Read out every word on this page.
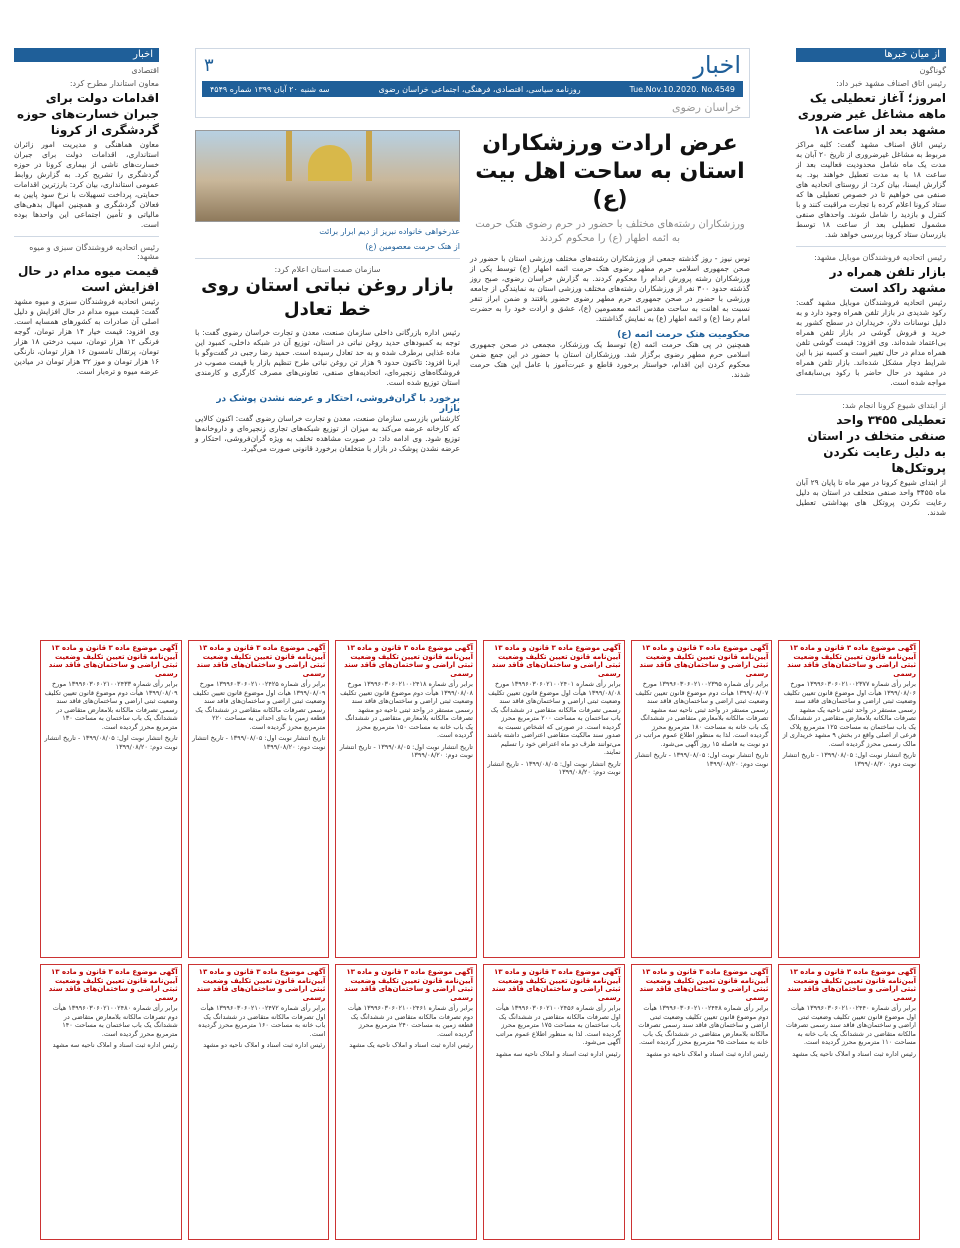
از میان خبرها
گوناگون
رئیس اتاق اصناف مشهد خبر داد:
امروز؛ آغاز تعطیلی یک ماهه مشاغل غیر ضروری مشهد بعد از ساعت ۱۸
رئیس اتاق اصناف مشهد گفت: کلیه مراکز مربوط به مشاغل غیرضروری از تاریخ ۲۰ آبان به مدت یک ماه شامل محدودیت فعالیت بعد از ساعت ۱۸ با به مدت تعطیل خواهند بود. به گزارش ایسنا، بیان کرد: از روستای اتحادیه های صنفی می خواهیم تا در خصوص تعطیلی ها که ستاد کرونا اعلام کرده با تجارت مراقبت کنند و با کنترل و بازدید را شامل شوند. واحدهای صنفی مشمول تعطیلی بعد از ساعت ۱۸ توسط بازرسان ستاد کرونا بررسی خواهد شد.
رئیس اتحادیه فروشندگان موبایل مشهد:
بازار تلفن همراه در مشهد راکد است
رئیس اتحادیه فروشندگان موبایل مشهد گفت: رکود شدیدی در بازار تلفن همراه وجود دارد و به دلیل نوسانات دلار، خریداران در سطح کشور به خرید و فروش گوشی در بازار تلفن همراه بی‌اعتماد شده‌اند. وی افزود: قیمت گوشی تلفن همراه مدام در حال تغییر است و کسبه نیز با این شرایط دچار مشکل شده‌اند. بازار تلفن همراه در مشهد در حال حاضر با رکود بی‌سابقه‌ای مواجه شده است.
از ابتدای شیوع کرونا انجام شد:
تعطیلی ۳۴۵۵ واحد صنفی متخلف در استان به دلیل رعایت نکردن پروتکل‌ها
از ابتدای شیوع کرونا در مهر ماه تا پایان ۲۹ آبان ماه ۳۴۵۵ واحد صنفی متخلف در استان به دلیل رعایت نکردن پروتکل های بهداشتی تعطیل شدند.
اخبار
اقتصادی
معاون استاندار مطرح کرد:
اقدامات دولت برای جبران خسارت‌های حوزه گردشگری از کرونا
معاون هماهنگی و مدیریت امور زائران استانداری، اقدامات دولت برای جبران خسارت‌های ناشی از بیماری کرونا در حوزه گردشگری را تشریح کرد. به گزارش روابط عمومی استانداری، بیان کرد: بارزترین اقدامات حمایتی، پرداخت تسهیلات با نرخ سود پایین به فعالان گردشگری و همچنین امهال بدهی‌های مالیاتی و تأمین اجتماعی این واحدها بوده است.
رئیس اتحادیه فروشندگان سبزی و میوه مشهد:
قیمت میوه مدام در حال افزایش است
رئیس اتحادیه فروشندگان سبزی و میوه مشهد گفت: قیمت میوه مدام در حال افزایش و دلیل اصلی آن صادرات به کشورهای همسایه است. وی افزود: قیمت خیار ۱۴ هزار تومان، گوجه فرنگی ۱۲ هزار تومان، سیب درختی ۱۸ هزار تومان، پرتقال تامسون ۱۶ هزار تومان، نارنگی ۱۶ هزار تومان و موز ۳۲ هزار تومان در میادین عرضه میوه و تره‌بار است.
اخبار
۳
Tue.Nov.10.2020. No.4549
روزنامه سیاسی، اقتصادی، فرهنگی، اجتماعی خراسان رضوی
سه شنبه ۲۰ آبان ۱۳۹۹ شماره ۴۵۴۹
خراسان رضوی
عرض ارادت ورزشکاران استان به ساحت اهل بیت (ع)
ورزشکاران رشته‌های مختلف با حضور در حرم رضوی هتک حرمت به ائمه اطهار (ع) را محکوم کردند
توس نیوز - روز گذشته جمعی از ورزشکاران رشته‌های مختلف ورزشی استان با حضور در صحن جمهوری اسلامی حرم مطهر رضوی هتک حرمت ائمه اطهار (ع) توسط یکی از ورزشکاران رشته پرورش اندام را محکوم کردند. به گزارش خراسان رضوی، صبح روز گذشته حدود ۳۰۰ نفر از ورزشکاران رشته‌های مختلف ورزشی استان به نمایندگی از جامعه ورزشی با حضور در صحن جمهوری حرم مطهر رضوی حضور یافتند و ضمن ابراز تنفر نسبت به اهانت به ساحت مقدس ائمه معصومین (ع)، عشق و ارادت خود را به حضرت امام رضا (ع) و ائمه اطهار (ع) به نمایش گذاشتند.
محکومیت هتک حرمت ائمه (ع)
همچنین در پی هتک حرمت ائمه (ع) توسط یک ورزشکار، مجمعی در صحن جمهوری اسلامی حرم مطهر رضوی برگزار شد. ورزشکاران استان با حضور در این جمع ضمن محکوم کردن این اقدام، خواستار برخورد قاطع و عبرت‌آموز با عامل این هتک حرمت شدند.
عذرخواهی خانواده نبریز از دیم ابرار برائت
از هتک حرمت معصومین (ع)
سازمان صمت استان اعلام کرد:
بازار روغن نباتی استان روی خط تعادل
رئیس اداره بازرگانی داخلی سازمان صنعت، معدن و تجارت خراسان رضوی گفت: با توجه به کمبودهای حدید روغن نباتی در استان، توزیع آن در شبکه داخلی، کمبود این ماده غذایی برطرف شده و به حد تعادل رسیده است. حمید رضا رجبی در گفت‌وگو با ایرنا افزود: تاکنون حدود ۹ هزار تن روغن نباتی طرح تنظیم بازار با قیمت مصوب در فروشگاه‌های زنجیره‌ای، اتحادیه‌های صنفی، تعاونی‌های مصرف کارگری و کارمندی استان توزیع شده است.
برخورد با گران‌فروشی، احتکار و عرضه نشدن پوشک در بازار
کارشناس بازرسی سازمان صنعت، معدن و تجارت خراسان رضوی گفت: اکنون کالایی که کارخانه عرضه می‌کند به میزان از توزیع شبکه‌های تجاری زنجیره‌ای و داروخانه‌ها توزیع شود. وی ادامه داد: در صورت مشاهده تخلف به ویژه گران‌فروشی، احتکار و عرضه نشدن پوشک در بازار با متخلفان برخورد قانونی صورت می‌گیرد.
آگهی موضوع ماده ۳ قانون و ماده ۱۳ آیین‌نامه قانون تعیین تکلیف وضعیت ثبتی اراضی و ساختمان‌های فاقد سند رسمی
برابر رأی شماره ۱۳۹۹۶۰۳۰۶۰۲۱۰۰۲۳۷۷ مورخ ۱۳۹۹/۰۸/۰۶ هیأت اول موضوع قانون تعیین تکلیف وضعیت ثبتی اراضی و ساختمان‌های فاقد سند رسمی مستقر در واحد ثبتی ناحیه یک مشهد تصرفات مالکانه بلامعارض متقاضی در ششدانگ یک باب ساختمان به مساحت ۱۲۵ مترمربع پلاک فرعی از اصلی واقع در بخش ۹ مشهد خریداری از مالک رسمی محرز گردیده است.
تاریخ انتشار نوبت اول: ۱۳۹۹/۰۸/۰۵ - تاریخ انتشار نوبت دوم: ۱۳۹۹/۰۸/۲۰
آگهی موضوع ماده ۳ قانون و ماده ۱۳ آیین‌نامه قانون تعیین تکلیف وضعیت ثبتی اراضی و ساختمان‌های فاقد سند رسمی
برابر رأی شماره ۱۳۹۹۶۰۳۰۶۰۲۱۰۰۲۳۹۵ مورخ ۱۳۹۹/۰۸/۰۷ هیأت دوم موضوع قانون تعیین تکلیف وضعیت ثبتی اراضی و ساختمان‌های فاقد سند رسمی مستقر در واحد ثبتی ناحیه سه مشهد تصرفات مالکانه بلامعارض متقاضی در ششدانگ یک باب خانه به مساحت ۱۸۰ مترمربع محرز گردیده است. لذا به منظور اطلاع عموم مراتب در دو نوبت به فاصله ۱۵ روز آگهی می‌شود.
تاریخ انتشار نوبت اول: ۱۳۹۹/۰۸/۰۵ - تاریخ انتشار نوبت دوم: ۱۳۹۹/۰۸/۲۰
آگهی موضوع ماده ۳ قانون و ماده ۱۳ آیین‌نامه قانون تعیین تکلیف وضعیت ثبتی اراضی و ساختمان‌های فاقد سند رسمی
برابر رأی شماره ۱۳۹۹۶۰۳۰۶۰۲۱۰۰۲۴۰۱ مورخ ۱۳۹۹/۰۸/۰۸ هیأت اول موضوع قانون تعیین تکلیف وضعیت ثبتی اراضی و ساختمان‌های فاقد سند رسمی تصرفات مالکانه متقاضی در ششدانگ یک باب ساختمان به مساحت ۲۰۰ مترمربع محرز گردیده است. در صورتی که اشخاص نسبت به صدور سند مالکیت متقاضی اعتراضی داشته باشند می‌توانند ظرف دو ماه اعتراض خود را تسلیم نمایند.
تاریخ انتشار نوبت اول: ۱۳۹۹/۰۸/۰۵ - تاریخ انتشار نوبت دوم: ۱۳۹۹/۰۸/۲۰
آگهی موضوع ماده ۳ قانون و ماده ۱۳ آیین‌نامه قانون تعیین تکلیف وضعیت ثبتی اراضی و ساختمان‌های فاقد سند رسمی
برابر رأی شماره ۱۳۹۹۶۰۳۰۶۰۲۱۰۰۲۴۱۸ مورخ ۱۳۹۹/۰۸/۰۸ هیأت دوم موضوع قانون تعیین تکلیف وضعیت ثبتی اراضی و ساختمان‌های فاقد سند رسمی مستقر در واحد ثبتی ناحیه دو مشهد تصرفات مالکانه بلامعارض متقاضی در ششدانگ یک باب خانه به مساحت ۱۵۰ مترمربع محرز گردیده است.
تاریخ انتشار نوبت اول: ۱۳۹۹/۰۸/۰۵ - تاریخ انتشار نوبت دوم: ۱۳۹۹/۰۸/۲۰
آگهی موضوع ماده ۳ قانون و ماده ۱۳ آیین‌نامه قانون تعیین تکلیف وضعیت ثبتی اراضی و ساختمان‌های فاقد سند رسمی
برابر رأی شماره ۱۳۹۹۶۰۳۰۶۰۲۱۰۰۲۴۲۵ مورخ ۱۳۹۹/۰۸/۰۹ هیأت اول موضوع قانون تعیین تکلیف وضعیت ثبتی اراضی و ساختمان‌های فاقد سند رسمی تصرفات مالکانه متقاضی در ششدانگ یک قطعه زمین با بنای احداثی به مساحت ۲۲۰ مترمربع محرز گردیده است.
تاریخ انتشار نوبت اول: ۱۳۹۹/۰۸/۰۵ - تاریخ انتشار نوبت دوم: ۱۳۹۹/۰۸/۲۰
آگهی موضوع ماده ۳ قانون و ماده ۱۳ آیین‌نامه قانون تعیین تکلیف وضعیت ثبتی اراضی و ساختمان‌های فاقد سند رسمی
برابر رأی شماره ۱۳۹۹۶۰۳۰۶۰۲۱۰۰۲۴۳۳ مورخ ۱۳۹۹/۰۸/۰۹ هیأت دوم موضوع قانون تعیین تکلیف وضعیت ثبتی اراضی و ساختمان‌های فاقد سند رسمی تصرفات مالکانه بلامعارض متقاضی در ششدانگ یک باب ساختمان به مساحت ۱۳۰ مترمربع محرز گردیده است.
تاریخ انتشار نوبت اول: ۱۳۹۹/۰۸/۰۵ - تاریخ انتشار نوبت دوم: ۱۳۹۹/۰۸/۲۰
آگهی موضوع ماده ۳ قانون و ماده ۱۳ آیین‌نامه قانون تعیین تکلیف وضعیت ثبتی اراضی و ساختمان‌های فاقد سند رسمی
برابر رأی شماره ۱۳۹۹۶۰۳۰۶۰۲۱۰۰۲۴۴۰ هیأت اول موضوع قانون تعیین تکلیف وضعیت ثبتی اراضی و ساختمان‌های فاقد سند رسمی تصرفات مالکانه متقاضی در ششدانگ یک باب خانه به مساحت ۱۱۰ مترمربع محرز گردیده است.
رئیس اداره ثبت اسناد و املاک ناحیه یک مشهد
آگهی موضوع ماده ۳ قانون و ماده ۱۳ آیین‌نامه قانون تعیین تکلیف وضعیت ثبتی اراضی و ساختمان‌های فاقد سند رسمی
برابر رأی شماره ۱۳۹۹۶۰۳۰۶۰۲۱۰۰۲۴۴۸ هیأت دوم موضوع قانون تعیین تکلیف وضعیت ثبتی اراضی و ساختمان‌های فاقد سند رسمی تصرفات مالکانه بلامعارض متقاضی در ششدانگ یک باب خانه به مساحت ۹۵ مترمربع محرز گردیده است.
رئیس اداره ثبت اسناد و املاک ناحیه دو مشهد
آگهی موضوع ماده ۳ قانون و ماده ۱۳ آیین‌نامه قانون تعیین تکلیف وضعیت ثبتی اراضی و ساختمان‌های فاقد سند رسمی
برابر رأی شماره ۱۳۹۹۶۰۳۰۶۰۲۱۰۰۲۴۵۶ هیأت اول تصرفات مالکانه متقاضی در ششدانگ یک باب ساختمان به مساحت ۱۷۵ مترمربع محرز گردیده است. لذا به منظور اطلاع عموم مراتب آگهی می‌شود.
رئیس اداره ثبت اسناد و املاک ناحیه سه مشهد
آگهی موضوع ماده ۳ قانون و ماده ۱۳ آیین‌نامه قانون تعیین تکلیف وضعیت ثبتی اراضی و ساختمان‌های فاقد سند رسمی
برابر رأی شماره ۱۳۹۹۶۰۳۰۶۰۲۱۰۰۲۴۶۱ هیأت دوم تصرفات مالکانه متقاضی در ششدانگ یک قطعه زمین به مساحت ۲۴۰ مترمربع محرز گردیده است.
رئیس اداره ثبت اسناد و املاک ناحیه یک مشهد
آگهی موضوع ماده ۳ قانون و ماده ۱۳ آیین‌نامه قانون تعیین تکلیف وضعیت ثبتی اراضی و ساختمان‌های فاقد سند رسمی
برابر رأی شماره ۱۳۹۹۶۰۳۰۶۰۲۱۰۰۲۴۷۲ هیأت اول تصرفات مالکانه متقاضی در ششدانگ یک باب خانه به مساحت ۱۶۰ مترمربع محرز گردیده است.
رئیس اداره ثبت اسناد و املاک ناحیه دو مشهد
آگهی موضوع ماده ۳ قانون و ماده ۱۳ آیین‌نامه قانون تعیین تکلیف وضعیت ثبتی اراضی و ساختمان‌های فاقد سند رسمی
برابر رأی شماره ۱۳۹۹۶۰۳۰۶۰۲۱۰۰۲۴۸۰ هیأت دوم تصرفات مالکانه بلامعارض متقاضی در ششدانگ یک باب ساختمان به مساحت ۱۴۰ مترمربع محرز گردیده است.
رئیس اداره ثبت اسناد و املاک ناحیه سه مشهد
